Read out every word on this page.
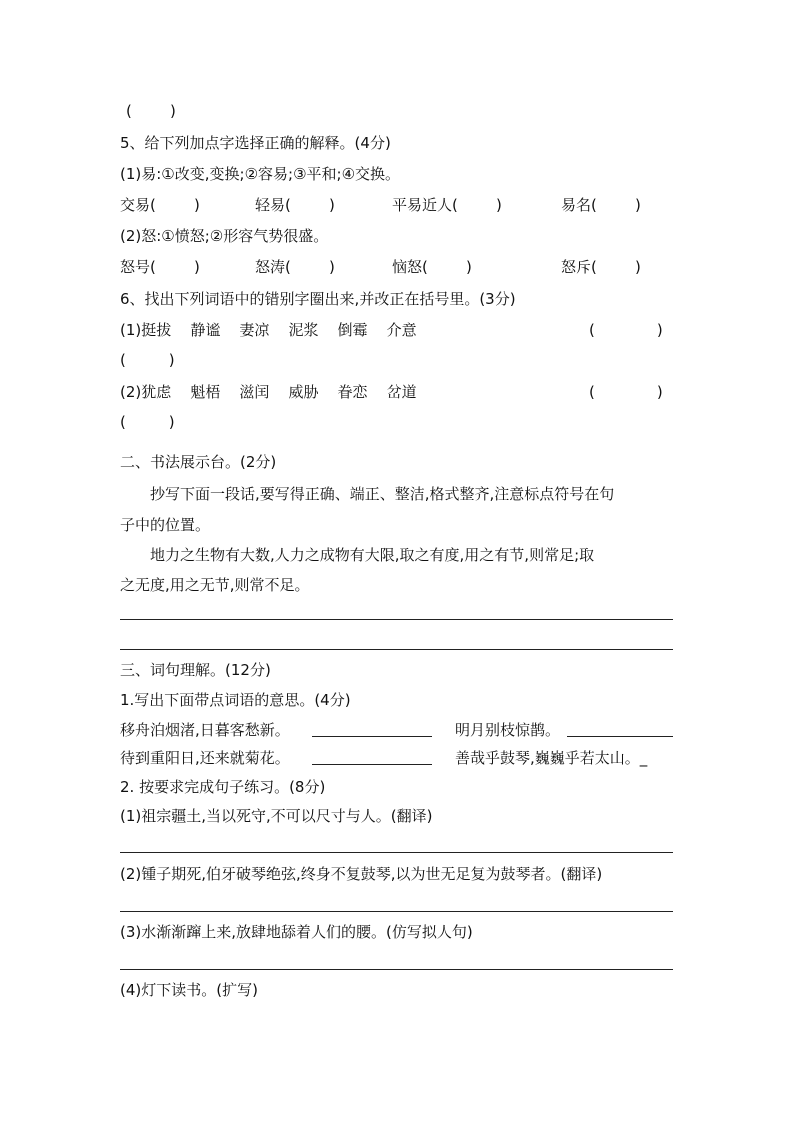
(        )
5、给下列加点字选择正确的解释。(4分)
(1)易:①改变,变换;②容易;③平和;④交换。
交易(        )	轻易(        )	平易近人(        )	易名(        )
(2)怒:①愤怒;②形容气势很盛。
怒号(        )	怒涛(        )	恼怒(        )	怒斥(        )
6、找出下列词语中的错别字圈出来,并改正在括号里。(3分)
(1)挺拔    静谧    妻凉    泥浆    倒霉    介意	(             )
(         )
(2)犹虑    魁梧    滋闰    威胁    眷恋    岔道	(             )
(         )
二、书法展示台。(2分)
抄写下面一段话,要写得正确、端正、整洁,格式整齐,注意标点符号在句
子中的位置。
地力之生物有大数,人力之成物有大限,取之有度,用之有节,则常足;取
之无度,用之无节,则常不足。
三、词句理解。(12分)
1.写出下面带点词语的意思。(4分)
移舟泊烟渚,日暮客愁新。	明月别枝惊鹊。
待到重阳日,还来就菊花。	善哉乎鼓琴,巍巍乎若太山。_
2. 按要求完成句子练习。(8分)
(1)祖宗疆土,当以死守,不可以尺寸与人。(翻译)
(2)锺子期死,伯牙破琴绝弦,终身不复鼓琴,以为世无足复为鼓琴者。(翻译)
(3)水渐渐蹿上来,放肆地舔着人们的腰。(仿写拟人句)
(4)灯下读书。(扩写)
